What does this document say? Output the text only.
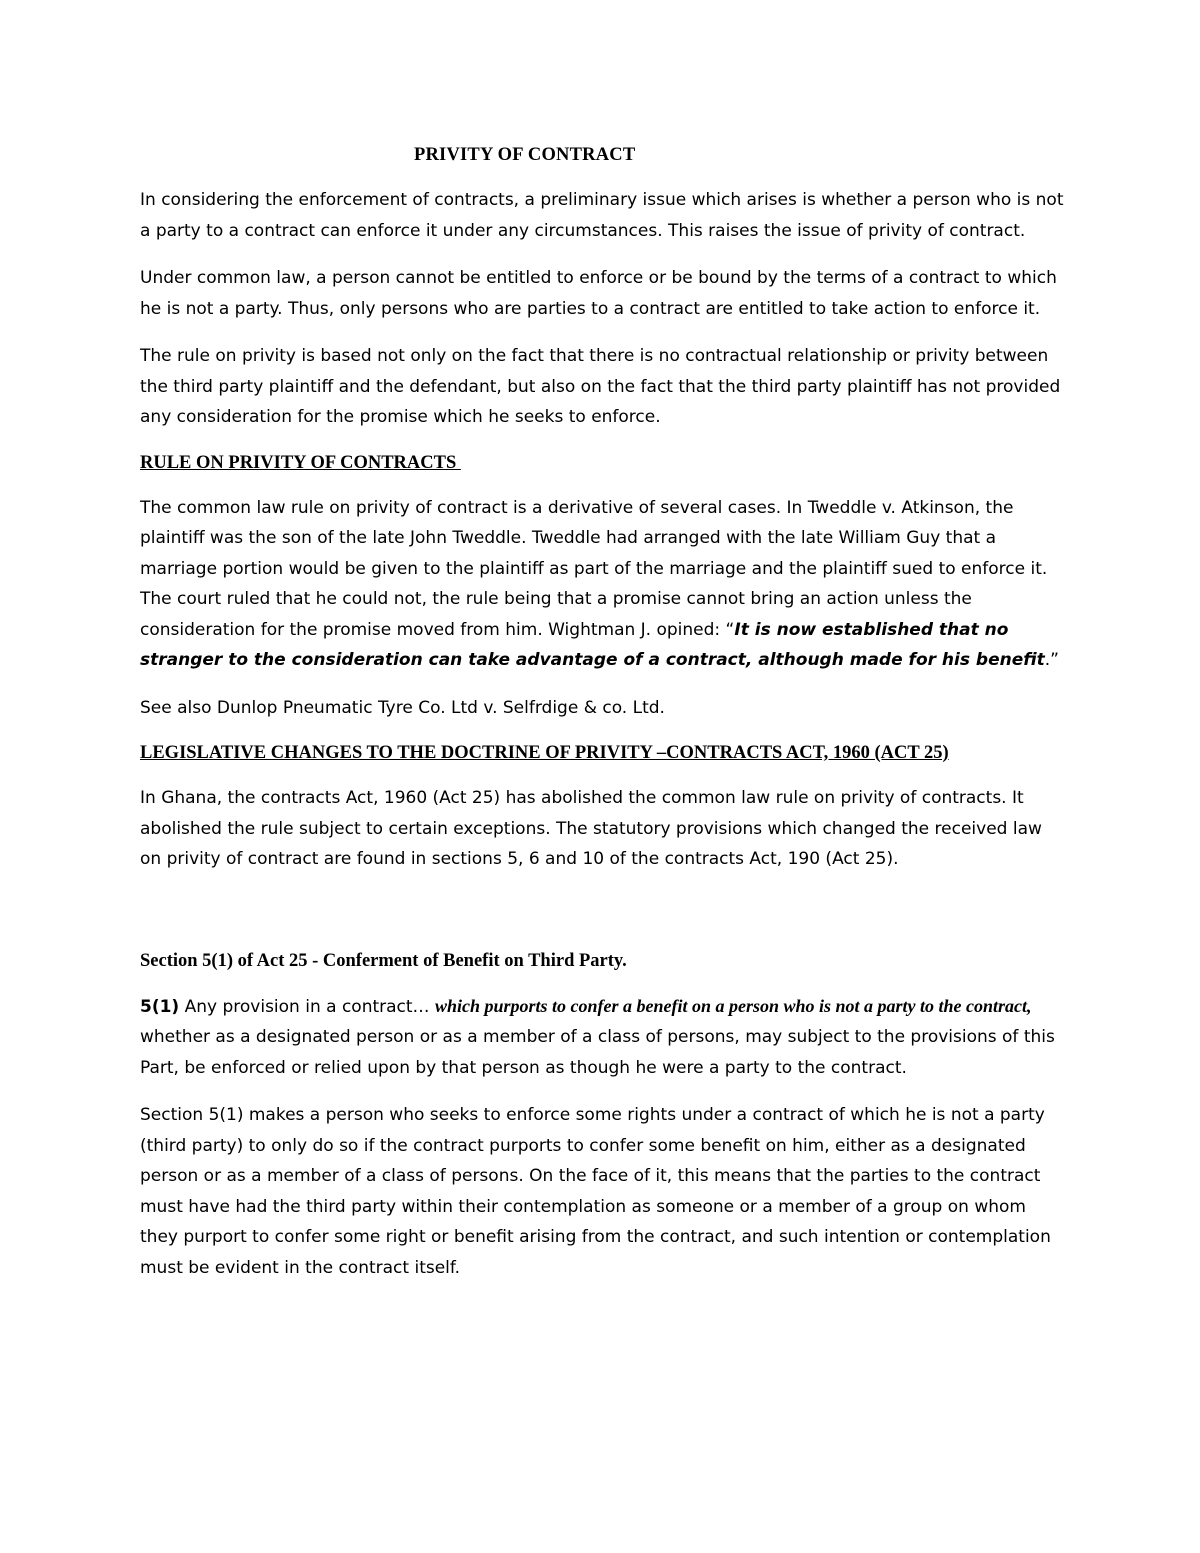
PRIVITY OF CONTRACT

In considering the enforcement of contracts, a preliminary issue which arises is whether a person who is not a party to a contract can enforce it under any circumstances. This raises the issue of privity of contract.

Under common law, a person cannot be entitled to enforce or be bound by the terms of a contract to which he is not a party. Thus, only persons who are parties to a contract are entitled to take action to enforce it.

The rule on privity is based not only on the fact that there is no contractual relationship or privity between the third party plaintiff and the defendant, but also on the fact that the third party plaintiff has not provided any consideration for the promise which he seeks to enforce.

RULE ON PRIVITY OF CONTRACTS

The common law rule on privity of contract is a derivative of several cases. In Tweddle v. Atkinson, the plaintiff was the son of the late John Tweddle. Tweddle had arranged with the late William Guy that a marriage portion would be given to the plaintiff as part of the marriage and the plaintiff sued to enforce it. The court ruled that he could not, the rule being that a promise cannot bring an action unless the consideration for the promise moved from him. Wightman J. opined: “It is now established that no stranger to the consideration can take advantage of a contract, although made for his benefit.”

See also Dunlop Pneumatic Tyre Co. Ltd v. Selfrdige & co. Ltd.

LEGISLATIVE CHANGES TO THE DOCTRINE OF PRIVITY –CONTRACTS ACT, 1960 (ACT 25)

In Ghana, the contracts Act, 1960 (Act 25) has abolished the common law rule on privity of contracts. It abolished the rule subject to certain exceptions. The statutory provisions which changed the received law on privity of contract are found in sections 5, 6 and 10 of the contracts Act, 190 (Act 25).

Section 5(1) of Act 25 - Conferment of Benefit on Third Party.

5(1) Any provision in a contract… which purports to confer a benefit on a person who is not a party to the contract, whether as a designated person or as a member of a class of persons, may subject to the provisions of this Part, be enforced or relied upon by that person as though he were a party to the contract.

Section 5(1) makes a person who seeks to enforce some rights under a contract of which he is not a party (third party) to only do so if the contract purports to confer some benefit on him, either as a designated person or as a member of a class of persons. On the face of it, this means that the parties to the contract must have had the third party within their contemplation as someone or a member of a group on whom they purport to confer some right or benefit arising from the contract, and such intention or contemplation must be evident in the contract itself.
